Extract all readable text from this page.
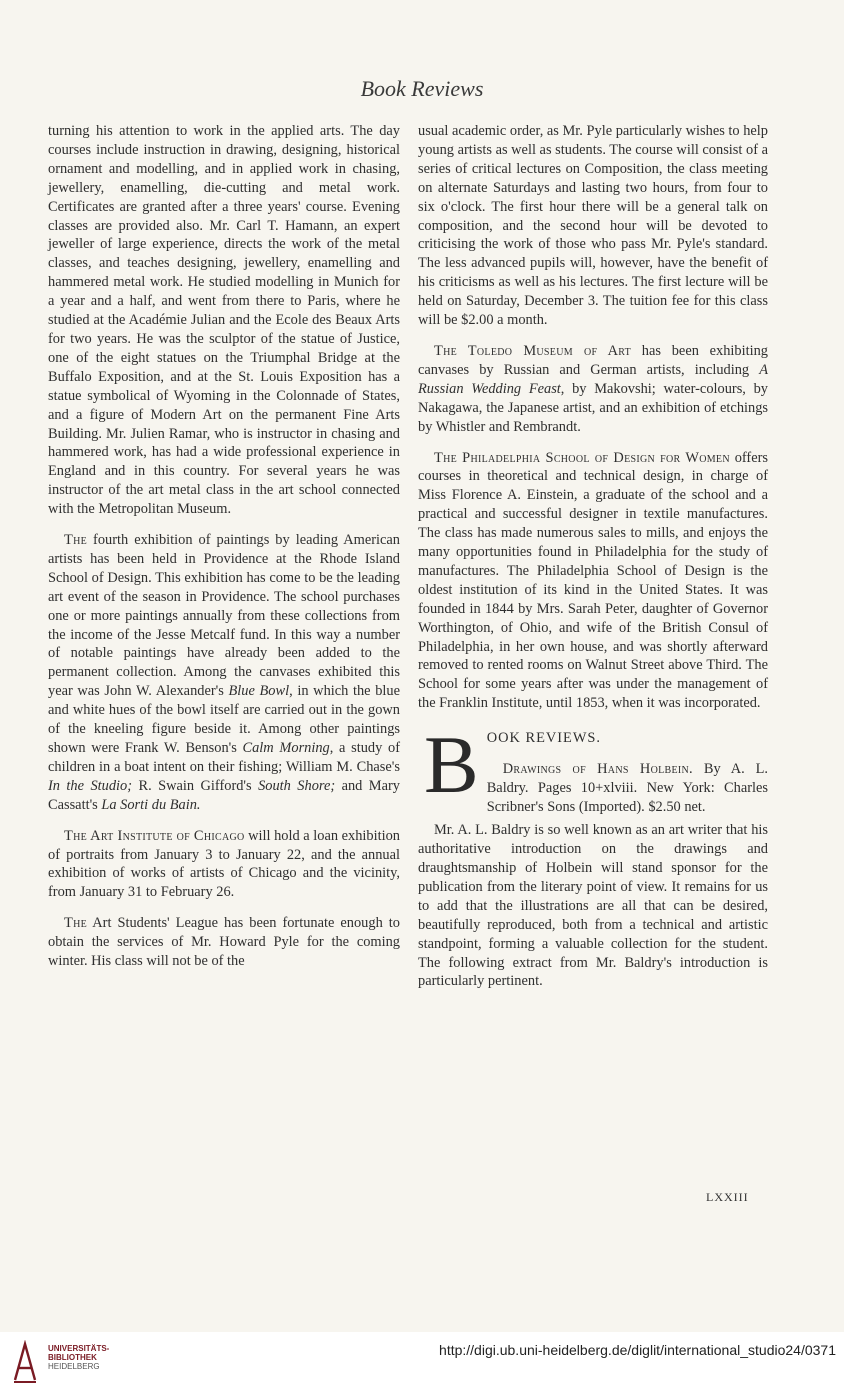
Book Reviews

turning his attention to work in the applied arts. The day courses include instruction in drawing, designing, historical ornament and modelling, and in applied work in chasing, jewellery, enamelling, die-cutting and metal work. Certificates are granted after a three years' course. Evening classes are provided also. Mr. Carl T. Hamann, an expert jeweller of large experience, directs the work of the metal classes, and teaches designing, jewellery, enamelling and hammered metal work. He studied modelling in Munich for a year and a half, and went from there to Paris, where he studied at the Académie Julian and the Ecole des Beaux Arts for two years. He was the sculptor of the statue of Justice, one of the eight statues on the Triumphal Bridge at the Buffalo Exposition, and at the St. Louis Exposition has a statue symbolical of Wyoming in the Colonnade of States, and a figure of Modern Art on the permanent Fine Arts Building. Mr. Julien Ramar, who is instructor in chasing and hammered work, has had a wide professional experience in England and in this country. For several years he was instructor of the art metal class in the art school connected with the Metropolitan Museum.

The fourth exhibition of paintings by leading American artists has been held in Providence at the Rhode Island School of Design. This exhibition has come to be the leading art event of the season in Providence. The school purchases one or more paintings annually from these collections from the income of the Jesse Metcalf fund. In this way a number of notable paintings have already been added to the permanent collection. Among the canvases exhibited this year was John W. Alexander's Blue Bowl, in which the blue and white hues of the bowl itself are carried out in the gown of the kneeling figure beside it. Among other paintings shown were Frank W. Benson's Calm Morning, a study of children in a boat intent on their fishing; William M. Chase's In the Studio; R. Swain Gifford's South Shore; and Mary Cassatt's La Sorti du Bain.

The Art Institute of Chicago will hold a loan exhibition of portraits from January 3 to January 22, and the annual exhibition of works of artists of Chicago and the vicinity, from January 31 to February 26.

The Art Students' League has been fortunate enough to obtain the services of Mr. Howard Pyle for the coming winter. His class will not be of the

usual academic order, as Mr. Pyle particularly wishes to help young artists as well as students. The course will consist of a series of critical lectures on Composition, the class meeting on alternate Saturdays and lasting two hours, from four to six o'clock. The first hour there will be a general talk on composition, and the second hour will be devoted to criticising the work of those who pass Mr. Pyle's standard. The less advanced pupils will, however, have the benefit of his criticisms as well as his lectures. The first lecture will be held on Saturday, December 3. The tuition fee for this class will be $2.00 a month.

The Toledo Museum of Art has been exhibiting canvases by Russian and German artists, including A Russian Wedding Feast, by Makovshi; water-colours, by Nakagawa, the Japanese artist, and an exhibition of etchings by Whistler and Rembrandt.

The Philadelphia School of Design for Women offers courses in theoretical and technical design, in charge of Miss Florence A. Einstein, a graduate of the school and a practical and successful designer in textile manufactures. The class has made numerous sales to mills, and enjoys the many opportunities found in Philadelphia for the study of manufactures. The Philadelphia School of Design is the oldest institution of its kind in the United States. It was founded in 1844 by Mrs. Sarah Peter, daughter of Governor Worthington, of Ohio, and wife of the British Consul of Philadelphia, in her own house, and was shortly afterward removed to rented rooms on Walnut Street above Third. The School for some years after was under the management of the Franklin Institute, until 1853, when it was incorporated.

B OOK REVIEWS.

Drawings of Hans Holbein. By A. L. Baldry. Pages 10+xlviii. New York: Charles Scribner's Sons (Imported). $2.50 net.

Mr. A. L. Baldry is so well known as an art writer that his authoritative introduction on the drawings and draughtsmanship of Holbein will stand sponsor for the publication from the literary point of view. It remains for us to add that the illustrations are all that can be desired, beautifully reproduced, both from a technical and artistic standpoint, forming a valuable collection for the student. The following extract from Mr. Baldry's introduction is particularly pertinent.

LXXIII
UNIVERSITÄTS-
BIBLIOTHEK
HEIDELBERG
http://digi.ub.uni-heidelberg.de/diglit/international_studio24/0371
